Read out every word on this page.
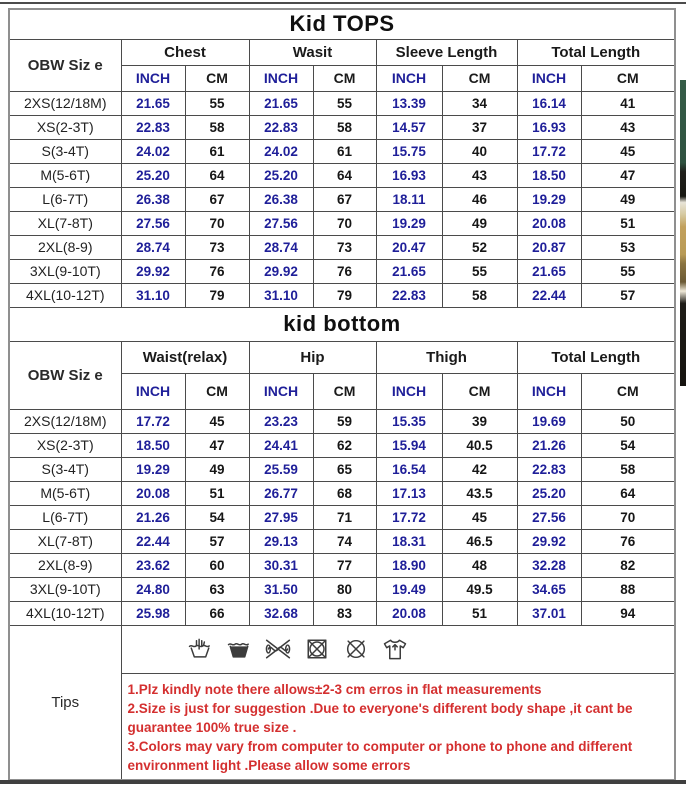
Kid TOPS								
OBW Siz e	Chest		Wasit		Sleeve Length		Total Length	
	INCH	CM	INCH	CM	INCH	CM	INCH	CM
2XS(12/18M)	21.65	55	21.65	55	13.39	34	16.14	41
XS(2-3T)	22.83	58	22.83	58	14.57	37	16.93	43
S(3-4T)	24.02	61	24.02	61	15.75	40	17.72	45
M(5-6T)	25.20	64	25.20	64	16.93	43	18.50	47
L(6-7T)	26.38	67	26.38	67	18.11	46	19.29	49
XL(7-8T)	27.56	70	27.56	70	19.29	49	20.08	51
2XL(8-9)	28.74	73	28.74	73	20.47	52	20.87	53
3XL(9-10T)	29.92	76	29.92	76	21.65	55	21.65	55
4XL(10-12T)	31.10	79	31.10	79	22.83	58	22.44	57
kid bottom								
OBW Siz e	Waist(relax)		Hip		Thigh		Total Length	
	INCH	CM	INCH	CM	INCH	CM	INCH	CM
2XS(12/18M)	17.72	45	23.23	59	15.35	39	19.69	50
XS(2-3T)	18.50	47	24.41	62	15.94	40.5	21.26	54
S(3-4T)	19.29	49	25.59	65	16.54	42	22.83	58
M(5-6T)	20.08	51	26.77	68	17.13	43.5	25.20	64
L(6-7T)	21.26	54	27.95	71	17.72	45	27.56	70
XL(7-8T)	22.44	57	29.13	74	18.31	46.5	29.92	76
2XL(8-9)	23.62	60	30.31	77	18.90	48	32.28	82
3XL(9-10T)	24.80	63	31.50	80	19.49	49.5	34.65	88
4XL(10-12T)	25.98	66	32.68	83	20.08	51	37.01	94
Tips	

	1.Plz kindly note there allows±2-3 cm erros in flat measurements
2.Size is just for suggestion .Due to everyone's different body shape ,it cant be guarantee 100% true size .
3.Colors may vary from computer to computer or phone to phone and different environment light .Please allow some errors							
